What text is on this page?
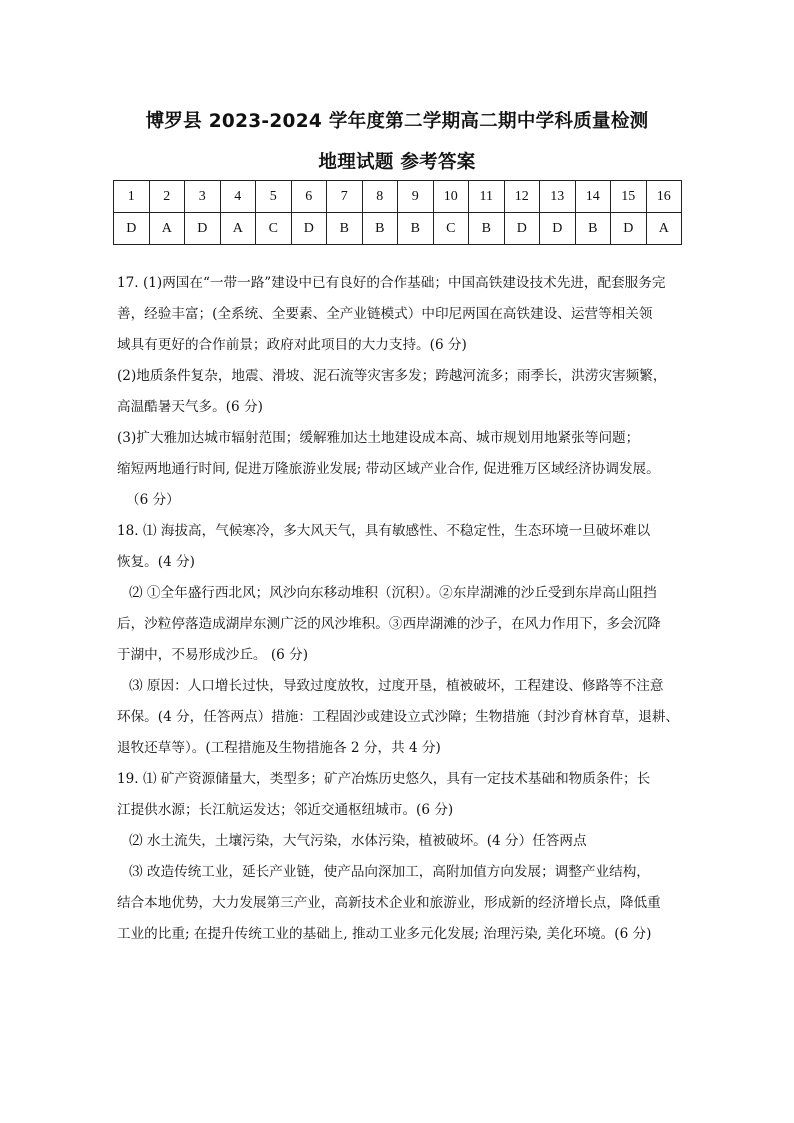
博罗县 2023-2024 学年度第二学期高二期中学科质量检测
地理试题 参考答案
1	2	3	4	5	6	7	8	9	10	11	12	13	14	15	16
D	A	D	A	C	D	B	B	B	C	B	D	D	B	D	A

17. (1)两国在“一带一路”建设中已有良好的合作基础；中国高铁建设技术先进，配套服务完

善，经验丰富；(全系统、全要素、全产业链模式）中印尼两国在高铁建设、运营等相关领

域具有更好的合作前景；政府对此项目的大力支持。(6 分)

(2)地质条件复杂，地震、滑坡、泥石流等灾害多发；跨越河流多；雨季长，洪涝灾害频繁，

高温酷暑天气多。(6 分)

(3)扩大雅加达城市辐射范围；缓解雅加达土地建设成本高、城市规划用地紧张等问题；

缩短两地通行时间, 促进万隆旅游业发展; 带动区域产业合作, 促进雅万区域经济协调发展。

（6 分）

18. ⑴ 海拔高，气候寒冷，多大风天气，具有敏感性、不稳定性，生态环境一旦破坏难以

恢复。(4 分)

⑵ ①全年盛行西北风；风沙向东移动堆积（沉积）。②东岸湖滩的沙丘受到东岸高山阻挡

后，沙粒停落造成湖岸东测广泛的风沙堆积。③西岸湖滩的沙子，在风力作用下，多会沉降

于湖中，不易形成沙丘。 (6 分)

⑶ 原因：人口增长过快，导致过度放牧，过度开垦，植被破坏，工程建设、修路等不注意

环保。(4 分，任答两点）措施：工程固沙或建设立式沙障；生物措施（封沙育林育草，退耕、

退牧还草等）。(工程措施及生物措施各 2 分，共 4 分)

19. ⑴ 矿产资源储量大，类型多；矿产冶炼历史悠久，具有一定技术基础和物质条件；长

江提供水源；长江航运发达；邻近交通枢纽城市。(6 分)

⑵ 水土流失，土壤污染，大气污染，水体污染，植被破坏。(4 分）任答两点

⑶ 改造传统工业，延长产业链，使产品向深加工，高附加值方向发展；调整产业结构，

结合本地优势，大力发展第三产业，高新技术企业和旅游业，形成新的经济增长点，降低重

工业的比重; 在提升传统工业的基础上, 推动工业多元化发展; 治理污染, 美化环境。(6 分)
